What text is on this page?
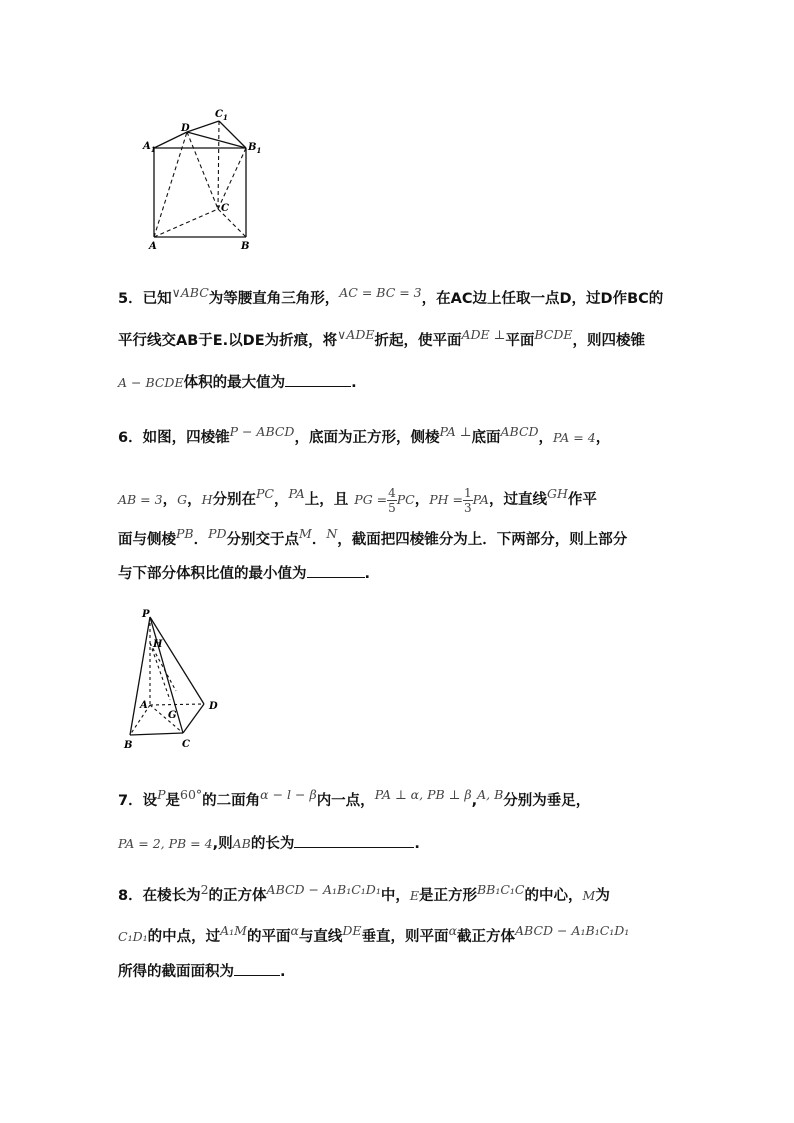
$A_1$
D
$C_1$
$B_1$
C
A	B
5．已知∨ABC为等腰直角三角形，AC = BC = 3，在AC边上任取一点D，过D作BC的
平行线交AB于E.以DE为折痕，将∨ADE折起，使平面ADE ⊥平面BCDE，则四棱锥
A − BCDE体积的最大值为	.
6．如图，四棱锥P − ABCD，底面为正方形，侧棱PA ⊥底面ABCD，PA = 4，
AB = 3，G，H分别在PC，PA上，且 PG = $\frac{4}{5}$ PC，PH = $\frac{1}{3}$ PA，过直线GH作平
面与侧棱PB．PD分别交于点M．N，截面把四棱锥分为上．下两部分，则上部分
与下部分体积比值的最小值为	.
P
H
A
G
D
B	C
7．设P是60°的二面角α − l − β内一点，PA ⊥ α, PB ⊥ β,A, B分别为垂足，
PA = 2, PB = 4,则AB的长为	.
8．在棱长为2的正方体ABCD − A₁B₁C₁D₁中，E是正方形BB₁C₁C的中心，M为
C₁D₁的中点，过A₁M的平面α与直线DE垂直，则平面α截正方体ABCD − A₁B₁C₁D₁
所得的截面面积为	.
